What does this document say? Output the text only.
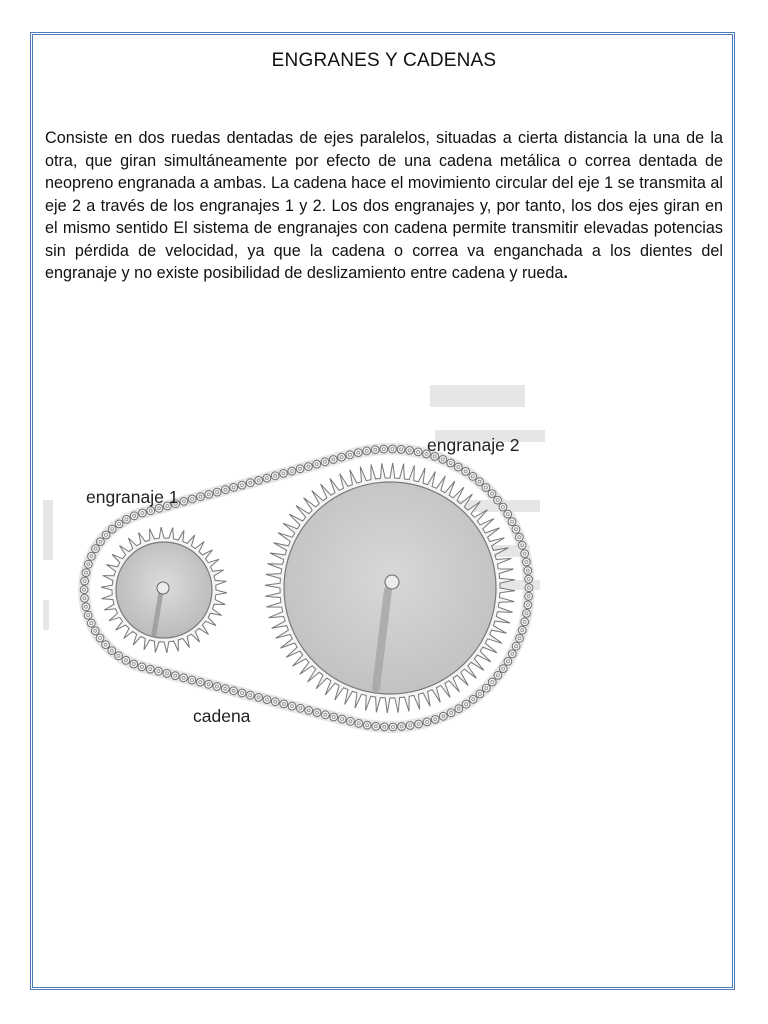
ENGRANES Y CADENAS
Consiste en dos ruedas dentadas de ejes paralelos, situadas a cierta distancia la una de la otra, que giran simultáneamente por efecto de una cadena metálica o correa dentada de neopreno engranada a ambas. La cadena hace el movimiento circular del eje 1 se transmita al eje 2 a través de los engranajes 1 y 2. Los dos engranajes y, por tanto, los dos ejes giran en el mismo sentido El sistema de engranajes con cadena permite transmitir elevadas potencias sin pérdida de velocidad, ya que la cadena o correa va enganchada a los dientes del engranaje y no existe posibilidad de deslizamiento entre cadena y rueda.
engranaje 1
engranaje 2
cadena
